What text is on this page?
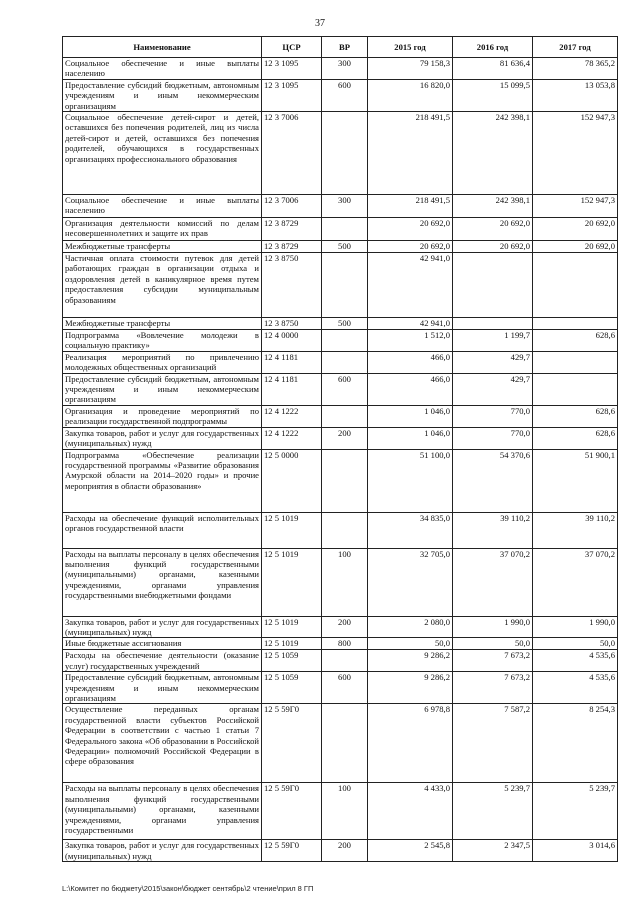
37
Наименование	ЦСР	ВР	2015 год	2016 год	2017 год
Социальное обеспечение и иные выплаты населению	12 3 1095	300	79 158,3	81 636,4	78 365,2
Предоставление субсидий бюджетным, автономным учреждениям и иным некоммерческим организациям	12 3 1095	600	16 820,0	15 099,5	13 053,8
Социальное обеспечение детей-сирот и детей, оставшихся без попечения родителей, лиц из числа детей-сирот и детей, оставшихся без попечения родителей, обучающихся в государственных организациях профессионального образования	12 3 7006		218 491,5	242 398,1	152 947,3
Социальное обеспечение и иные выплаты населению	12 3 7006	300	218 491,5	242 398,1	152 947,3
Организация деятельности комиссий по делам несовершеннолетних и защите их прав	12 3 8729		20 692,0	20 692,0	20 692,0
Межбюджетные трансферты	12 3 8729	500	20 692,0	20 692,0	20 692,0
Частичная оплата стоимости путевок для детей работающих граждан в организации отдыха и оздоровления детей в каникулярное время путем предоставления субсидии муниципальным образованиям	12 3 8750		42 941,0		
Межбюджетные трансферты	12 3 8750	500	42 941,0		
Подпрограмма «Вовлечение молодежи в социальную практику»	12 4 0000		1 512,0	1 199,7	628,6
Реализация мероприятий по привлечению молодежных общественных организаций	12 4 1181		466,0	429,7	
Предоставление субсидий бюджетным, автономным учреждениям и иным некоммерческим организациям	12 4 1181	600	466,0	429,7	
Организация и проведение мероприятий по реализации государственной подпрограммы	12 4 1222		1 046,0	770,0	628,6
Закупка товаров, работ и услуг для государственных (муниципальных) нужд	12 4 1222	200	1 046,0	770,0	628,6
Подпрограмма «Обеспечение реализации государственной программы «Развитие образования Амурской области на 2014–2020 годы» и прочие мероприятия в области образования»	12 5 0000		51 100,0	54 370,6	51 900,1
Расходы на обеспечение функций исполнительных органов государственной власти	12 5 1019		34 835,0	39 110,2	39 110,2
Расходы на выплаты персоналу в целях обеспечения выполнения функций государственными (муниципальными) органами, казенными учреждениями, органами управления государственными внебюджетными фондами	12 5 1019	100	32 705,0	37 070,2	37 070,2
Закупка товаров, работ и услуг для государственных (муниципальных) нужд	12 5 1019	200	2 080,0	1 990,0	1 990,0
Иные бюджетные ассигнования	12 5 1019	800	50,0	50,0	50,0
Расходы на обеспечение деятельности (оказание услуг) государственных учреждений	12 5 1059		9 286,2	7 673,2	4 535,6
Предоставление субсидий бюджетным, автономным учреждениям и иным некоммерческим организациям	12 5 1059	600	9 286,2	7 673,2	4 535,6
Осуществление переданных органам государственной власти субъектов Российской Федерации в соответствии с частью 1 статьи 7 Федерального закона «Об образовании в Российской Федерации» полномочий Российской Федерации в сфере образования	12 5 59Г0		6 978,8	7 587,2	8 254,3
Расходы на выплаты персоналу в целях обеспечения выполнения функций государственными (муниципальными) органами, казенными учреждениями, органами управления государственными	12 5 59Г0	100	4 433,0	5 239,7	5 239,7
Закупка товаров, работ и услуг для государственных (муниципальных) нужд	12 5 59Г0	200	2 545,8	2 347,5	3 014,6
L:\Комитет по бюджету\2015\закон\бюджет сентябрь\2 чтение\прил 8 ГП
